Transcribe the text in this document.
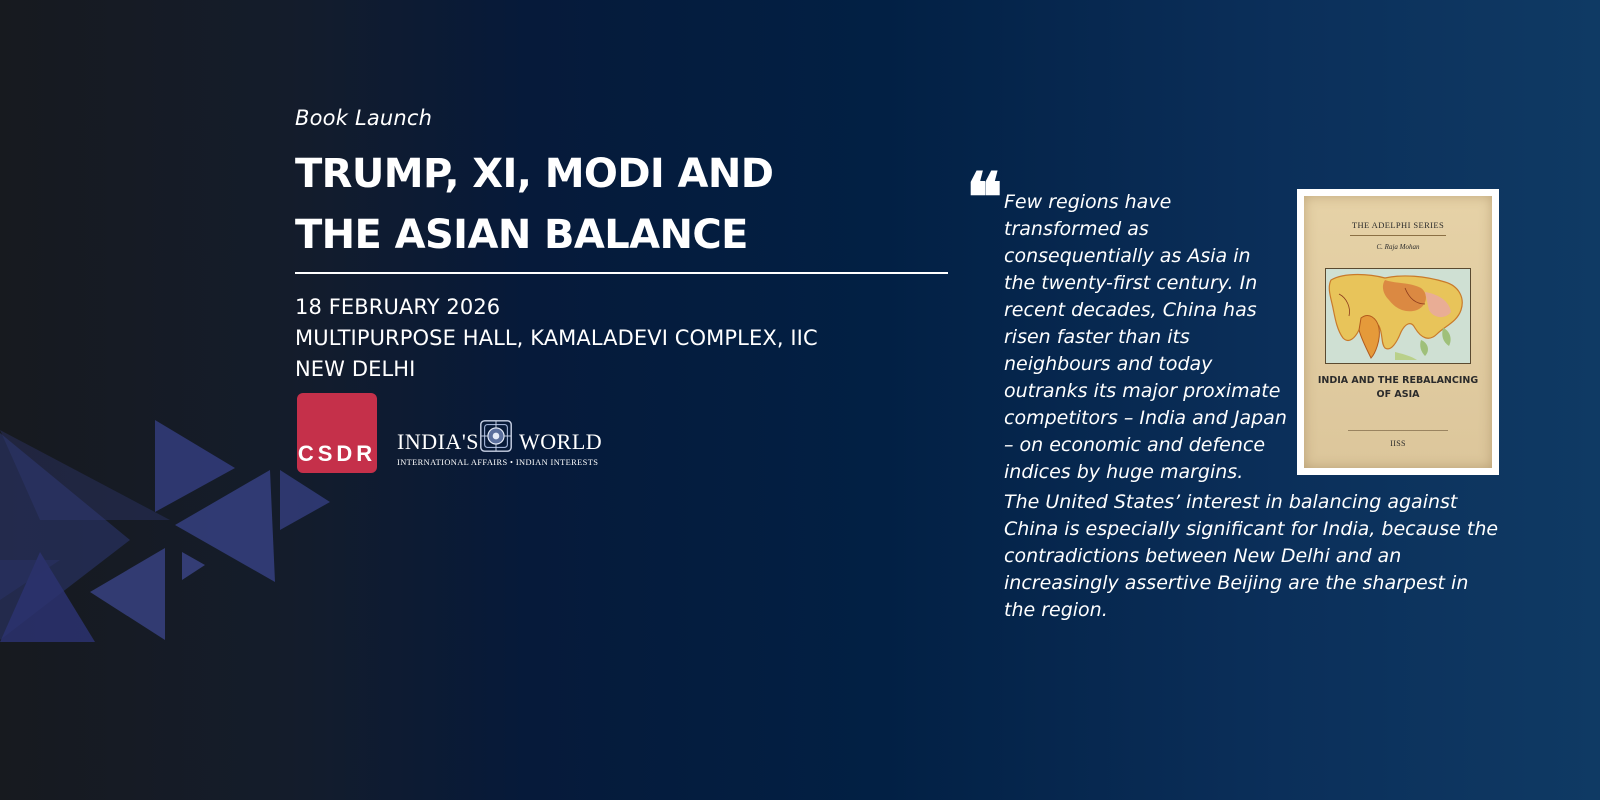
Book Launch
TRUMP, XI, MODI AND
THE ASIAN BALANCE
18 FEBRUARY 2026
MULTIPURPOSE HALL, KAMALADEVI COMPLEX, IIC
NEW DELHI
CSDR INDIA'S WORLD
INTERNATIONAL AFFAIRS • INDIAN INTERESTS
❝ Few regions have transformed as consequentially as Asia in the twenty-first century. In recent decades, China has risen faster than its neighbours and today outranks its major proximate competitors – India and Japan – on economic and defence indices by huge margins.
The United States’ interest in balancing against China is especially significant for India, because the contradictions between New Delhi and an increasingly assertive Beijing are the sharpest in the region.
THE ADELPHI SERIES
C. Raja Mohan
INDIA AND THE REBALANCING OF ASIA
IISS
